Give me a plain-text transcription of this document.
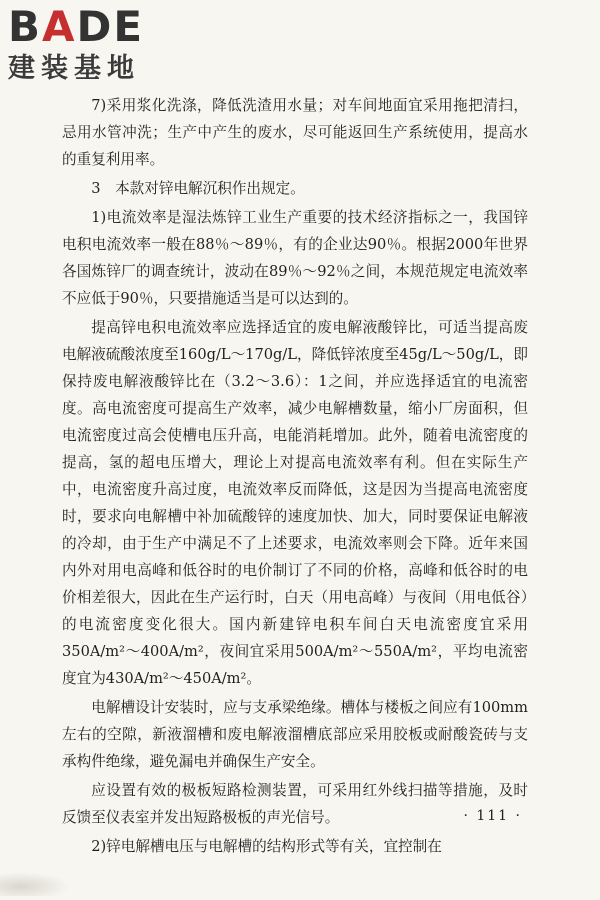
BADE
建装基地

7)采用浆化洗涤，降低洗渣用水量；对车间地面宜采用拖把清扫，忌用水管冲洗；生产中产生的废水，尽可能返回生产系统使用，提高水的重复利用率。

3　本款对锌电解沉积作出规定。

1)电流效率是湿法炼锌工业生产重要的技术经济指标之一，我国锌电积电流效率一般在88％～89％，有的企业达90％。根据2000年世界各国炼锌厂的调查统计，波动在89％～92％之间，本规范规定电流效率不应低于90％，只要措施适当是可以达到的。

提高锌电积电流效率应选择适宜的废电解液酸锌比，可适当提高废电解液硫酸浓度至160g/L～170g/L，降低锌浓度至45g/L～50g/L，即保持废电解液酸锌比在（3.2～3.6）：1之间，并应选择适宜的电流密度。高电流密度可提高生产效率，减少电解槽数量，缩小厂房面积，但电流密度过高会使槽电压升高，电能消耗增加。此外，随着电流密度的提高，氢的超电压增大，理论上对提高电流效率有利。但在实际生产中，电流密度升高过度，电流效率反而降低，这是因为当提高电流密度时，要求向电解槽中补加硫酸锌的速度加快、加大，同时要保证电解液的冷却，由于生产中满足不了上述要求，电流效率则会下降。近年来国内外对用电高峰和低谷时的电价制订了不同的价格，高峰和低谷时的电价相差很大，因此在生产运行时，白天（用电高峰）与夜间（用电低谷）的电流密度变化很大。国内新建锌电积车间白天电流密度宜采用350A/m²～400A/m²，夜间宜采用500A/m²～550A/m²，平均电流密度宜为430A/m²～450A/m²。

电解槽设计安装时，应与支承梁绝缘。槽体与楼板之间应有100mm左右的空隙，新液溜槽和废电解液溜槽底部应采用胶板或耐酸瓷砖与支承构件绝缘，避免漏电并确保生产安全。

应设置有效的极板短路检测装置，可采用红外线扫描等措施，及时反馈至仪表室并发出短路极板的声光信号。

2)锌电解槽电压与电解槽的结构形式等有关，宜控制在

· 111 ·
